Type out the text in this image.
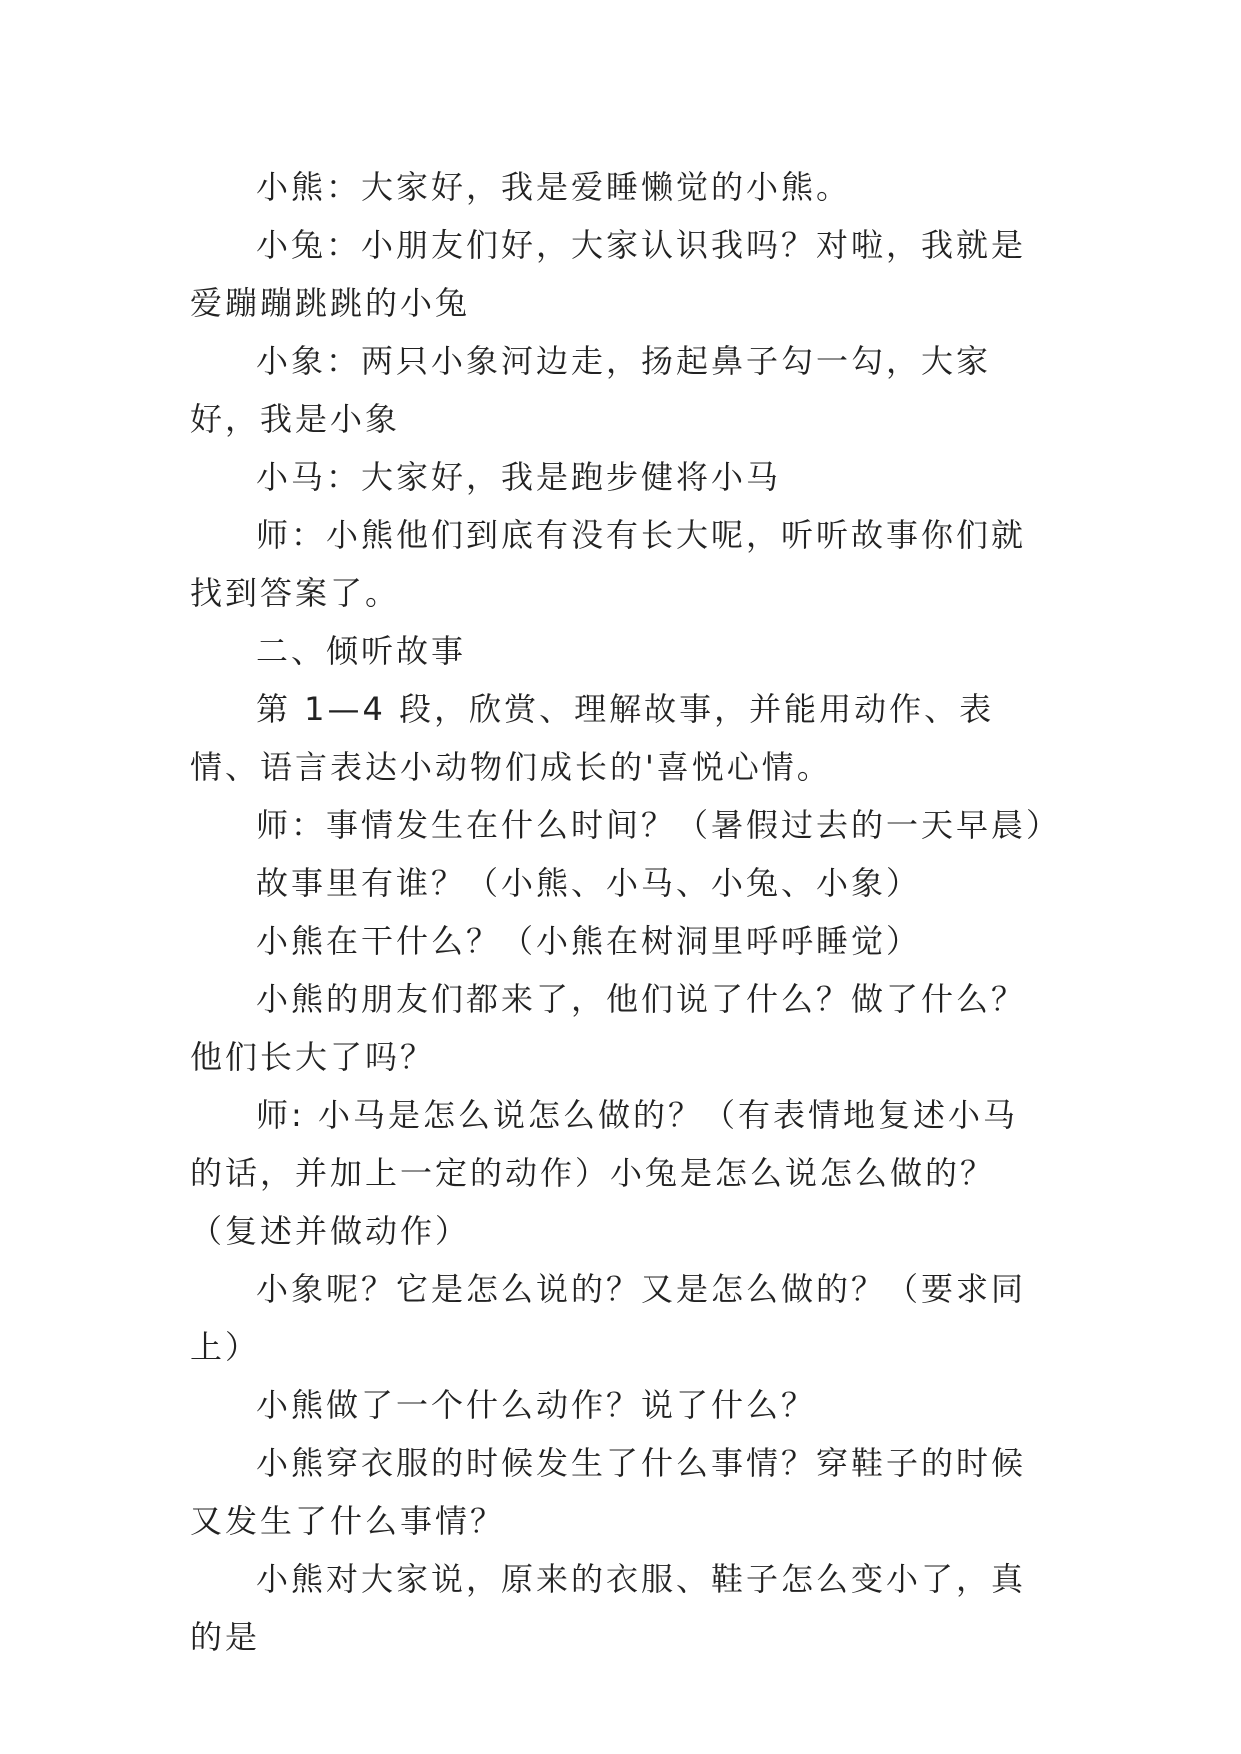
小熊：大家好，我是爱睡懒觉的小熊。

小兔：小朋友们好，大家认识我吗？对啦，我就是爱蹦蹦跳跳的小兔

小象：两只小象河边走，扬起鼻子勾一勾，大家好，我是小象

小马：大家好，我是跑步健将小马

师：小熊他们到底有没有长大呢，听听故事你们就找到答案了。

二、倾听故事

第 1—4 段，欣赏、理解故事，并能用动作、表情、语言表达小动物们成长的'喜悦心情。

师：事情发生在什么时间？（暑假过去的一天早晨）

故事里有谁？（小熊、小马、小兔、小象）

小熊在干什么？（小熊在树洞里呼呼睡觉）

小熊的朋友们都来了，他们说了什么？做了什么？他们长大了吗？

师: 小马是怎么说怎么做的？（有表情地复述小马的话，并加上一定的动作）小兔是怎么说怎么做的？（复述并做动作）

小象呢？它是怎么说的？又是怎么做的？（要求同上）

小熊做了一个什么动作？说了什么？

小熊穿衣服的时候发生了什么事情？穿鞋子的时候又发生了什么事情？

小熊对大家说，原来的衣服、鞋子怎么变小了，真的是
